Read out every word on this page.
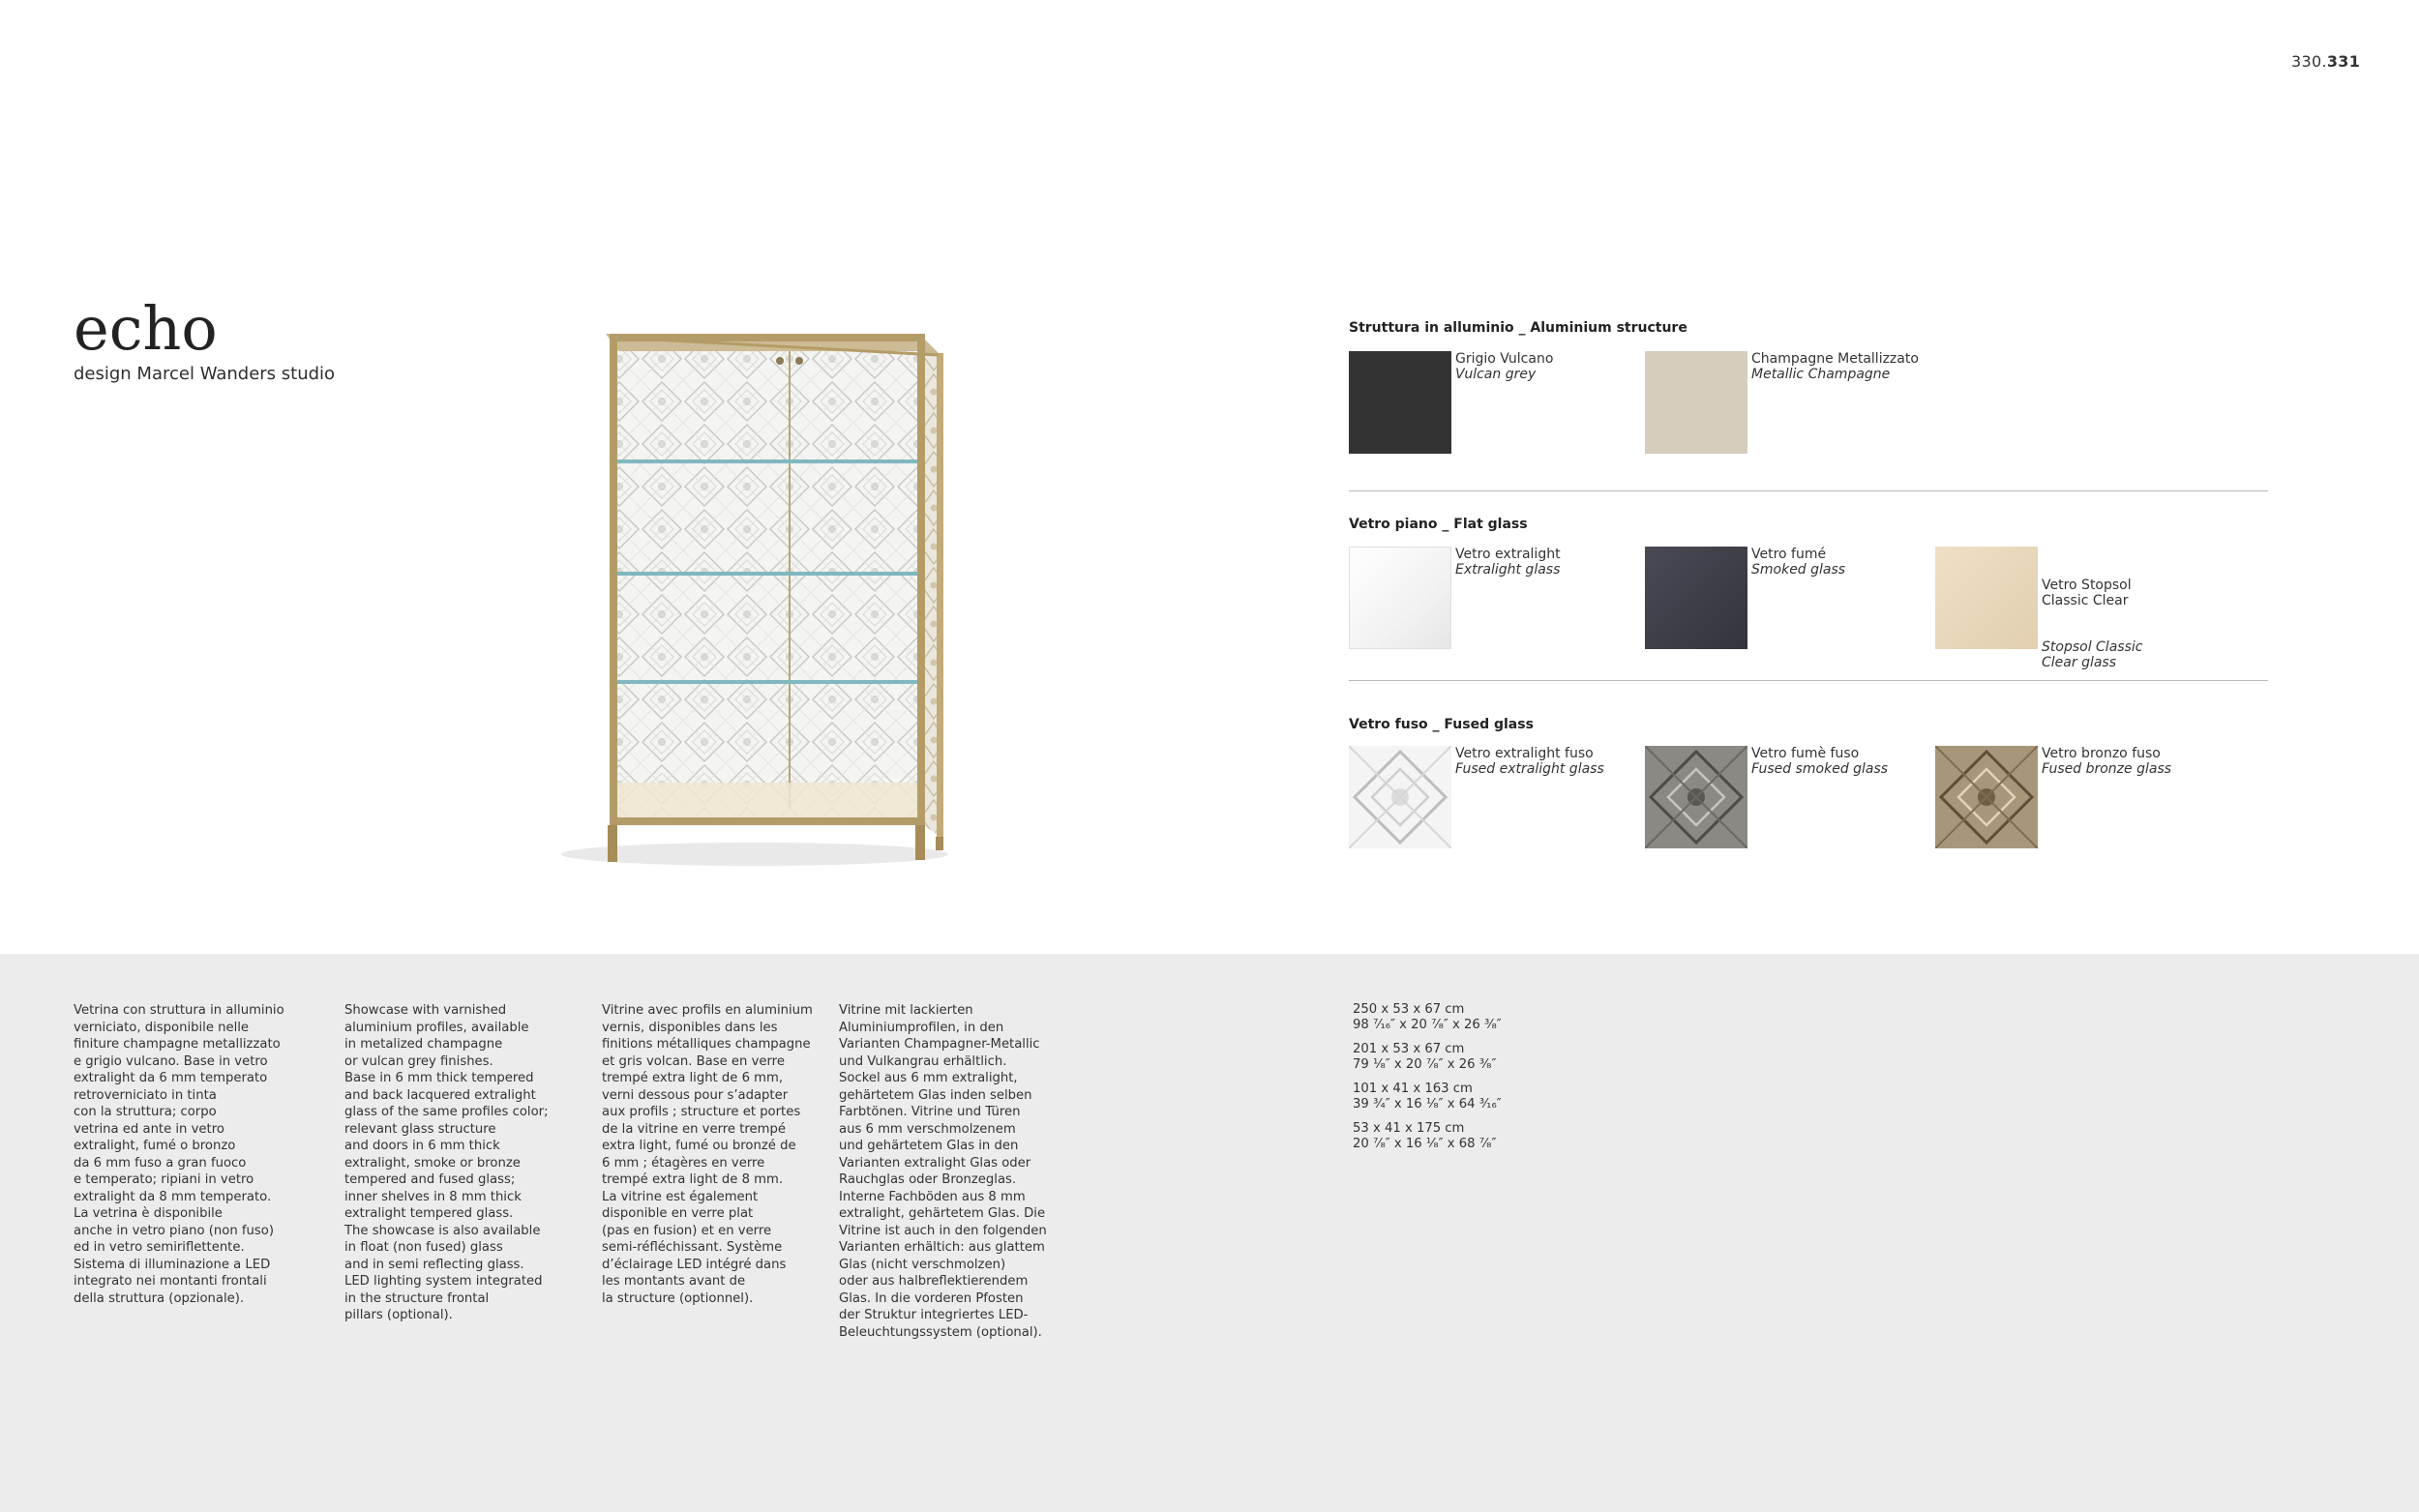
330.331
echo
design Marcel Wanders studio
Struttura in alluminio _ Aluminium structure
Grigio Vulcano
Vulcan grey
Champagne Metallizzato
Metallic Champagne
Vetro piano _ Flat glass
Vetro extralight
Extralight glass
Vetro fumé
Smoked glass

Vetro Stopsol
Classic Clear

Stopsol Classic
Clear glass

Vetro fuso _ Fused glass
Vetro extralight fuso
Fused extralight glass
Vetro fumè fuso
Fused smoked glass
Vetro bronzo fuso
Fused bronze glass
Vetrina con struttura in alluminio
verniciato, disponibile nelle
finiture champagne metallizzato
e grigio vulcano. Base in vetro
extralight da 6 mm temperato
retroverniciato in tinta
con la struttura; corpo
vetrina ed ante in vetro
extralight, fumé o bronzo
da 6 mm fuso a gran fuoco
e temperato; ripiani in vetro
extralight da 8 mm temperato.
La vetrina è disponibile
anche in vetro piano (non fuso)
ed in vetro semiriflettente.
Sistema di illuminazione a LED
integrato nei montanti frontali
della struttura (opzionale).
Showcase with varnished
aluminium profiles, available
in metalized champagne
or vulcan grey finishes.
Base in 6 mm thick tempered
and back lacquered extralight
glass of the same profiles color;
relevant glass structure
and doors in 6 mm thick
extralight, smoke or bronze
tempered and fused glass;
inner shelves in 8 mm thick
extralight tempered glass.
The showcase is also available
in float (non fused) glass
and in semi reflecting glass.
LED lighting system integrated
in the structure frontal
pillars (optional).
Vitrine avec profils en aluminium
vernis, disponibles dans les
finitions métalliques champagne
et gris volcan. Base en verre
trempé extra light de 6 mm,
verni dessous pour s’adapter
aux profils ; structure et portes
de la vitrine en verre trempé
extra light, fumé ou bronzé de
6 mm ; étagères en verre
trempé extra light de 8 mm.
La vitrine est également
disponible en verre plat
(pas en fusion) et en verre
semi-réfléchissant. Système
d’éclairage LED intégré dans
les montants avant de
la structure (optionnel).
Vitrine mit lackierten
Aluminiumprofilen, in den
Varianten Champagner-Metallic
und Vulkangrau erhältlich.
Sockel aus 6 mm extralight,
gehärtetem Glas inden selben
Farbtönen. Vitrine und Türen
aus 6 mm verschmolzenem
und gehärtetem Glas in den
Varianten extralight Glas oder
Rauchglas oder Bronzeglas.
Interne Fachböden aus 8 mm
extralight, gehärtetem Glas. Die
Vitrine ist auch in den folgenden
Varianten erhältich: aus glattem
Glas (nicht verschmolzen)
oder aus halbreflektierendem
Glas. In die vorderen Pfosten
der Struktur integriertes LED-
Beleuchtungssystem (optional).
250 x 53 x 67 cm
98 ⁷⁄₁₆″ x 20 ⁷⁄₈″ x 26 ³⁄₈″
201 x 53 x 67 cm
79 ¹⁄₈″ x 20 ⁷⁄₈″ x 26 ³⁄₈″
101 x 41 x 163 cm
39 ³⁄₄″ x 16 ¹⁄₈″ x 64 ³⁄₁₆″
53 x 41 x 175 cm
20 ⁷⁄₈″ x 16 ¹⁄₈″ x 68 ⁷⁄₈″
